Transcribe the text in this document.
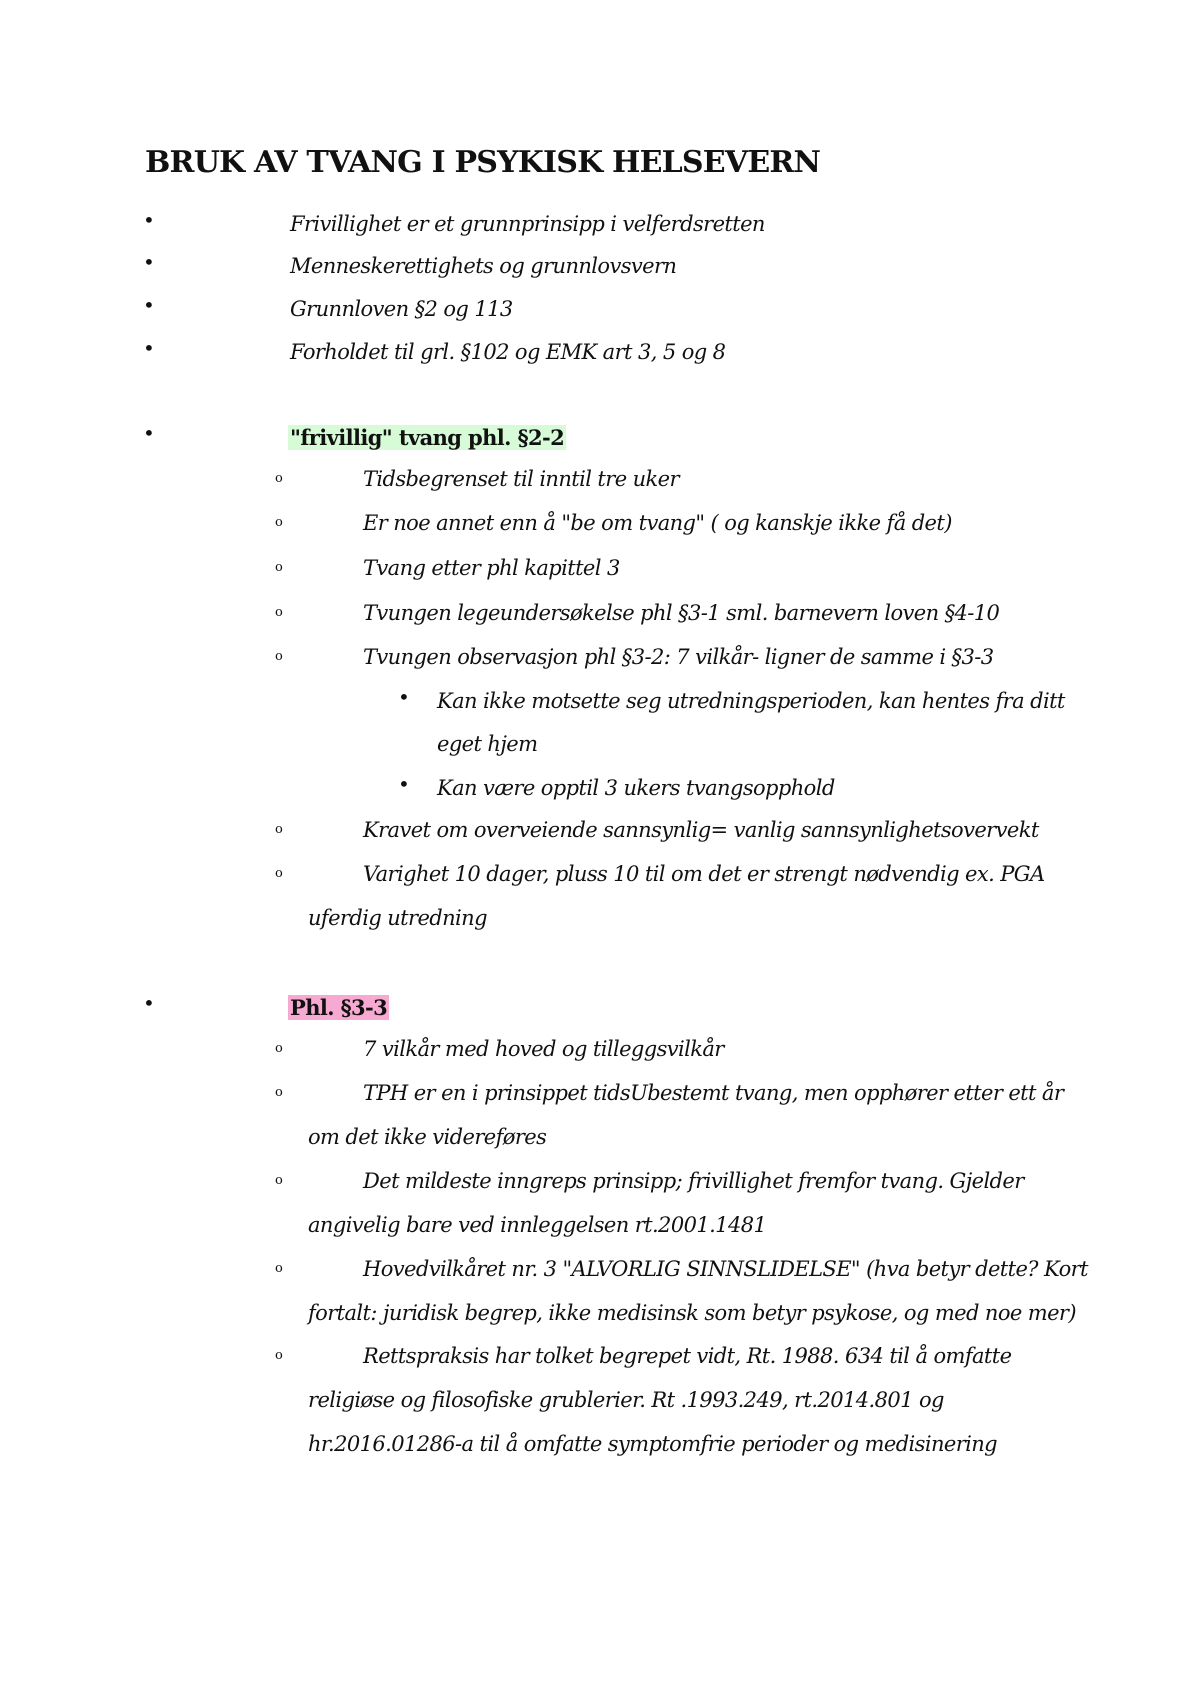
BRUK AV TVANG I PSYKISK HELSEVERN
•	Frivillighet er et grunnprinsipp i velferdsretten
•	Menneskerettighets og grunnlovsvern
•	Grunnloven §2 og 113
•	Forholdet til grl. §102 og EMK art 3, 5 og 8
•	"frivillig" tvang phl. §2-2
o	Tidsbegrenset til inntil tre uker
o	Er noe annet enn å "be om tvang" ( og kanskje ikke få det)
o	Tvang etter phl kapittel 3
o	Tvungen legeundersøkelse phl §3-1 sml. barnevern loven §4-10
o	Tvungen observasjon phl §3-2: 7 vilkår- ligner de samme i §3-3
• Kan ikke motsette seg utredningsperioden, kan hentes fra ditt
eget hjem
• Kan være opptil 3 ukers tvangsopphold
o	Kravet om overveiende sannsynlig= vanlig sannsynlighetsovervekt
o	Varighet 10 dager, pluss 10 til om det er strengt nødvendig ex. PGA
uferdig utredning
•	Phl. §3-3
o	7 vilkår med hoved og tilleggsvilkår
o	TPH er en i prinsippet tidsUbestemt tvang, men opphører etter ett år
om det ikke videreføres
o	Det mildeste inngreps prinsipp; frivillighet fremfor tvang. Gjelder
angivelig bare ved innleggelsen rt.2001.1481
o	Hovedvilkåret nr. 3 "ALVORLIG SINNSLIDELSE" (hva betyr dette? Kort
fortalt: juridisk begrep, ikke medisinsk som betyr psykose, og med noe mer)
o	Rettspraksis har tolket begrepet vidt, Rt. 1988. 634 til å omfatte
religiøse og filosofiske grublerier. Rt .1993.249, rt.2014.801 og
hr.2016.01286-a til å omfatte symptomfrie perioder og medisinering
